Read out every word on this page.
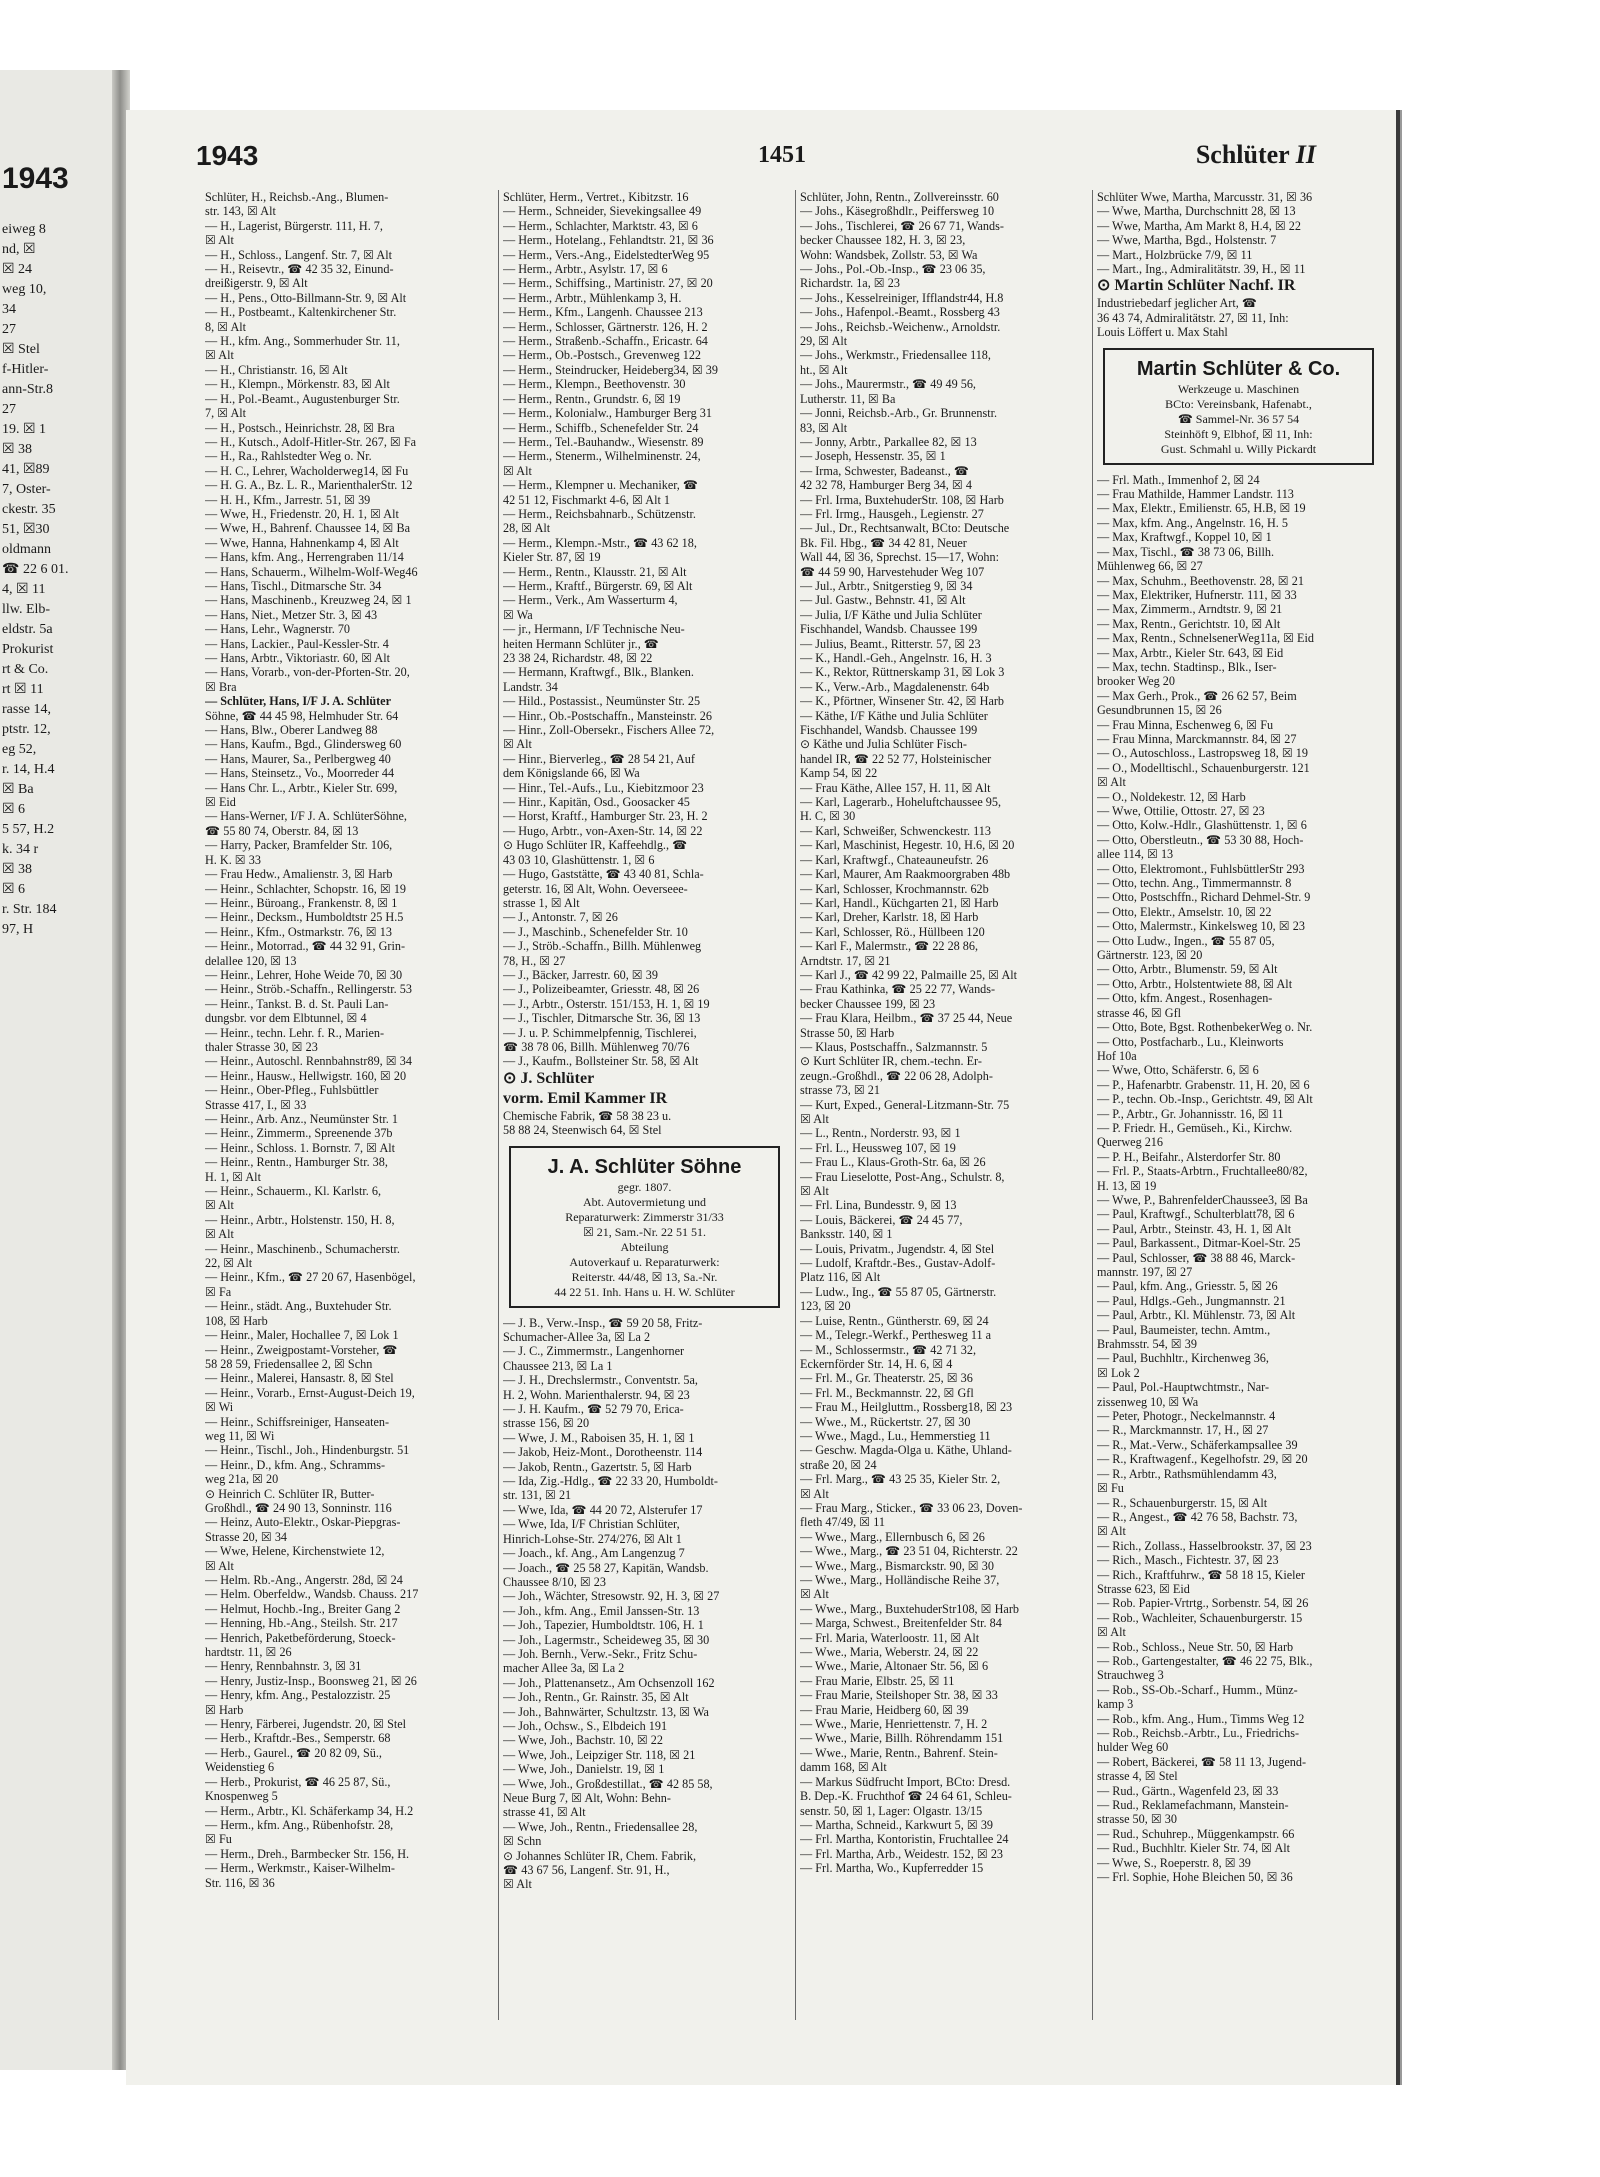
1943
eiweg 8
nd, ☒
☒ 24
weg 10,
34
27
☒ Stel
f-Hitler-
ann-Str.8
27
19. ☒ 1
☒ 38
41, ☒89
7, Oster-
ckestr. 35
51, ☒30
oldmann
☎ 22 6 01.
4, ☒ 11
llw. Elb-
eldstr. 5a
Prokurist
rt & Co.
rt ☒ 11
rasse 14,
ptstr. 12,
eg 52,
r. 14, H.4
☒ Ba
☒ 6
5 57, H.2
k. 34 r
☒ 38
☒ 6
r. Str. 184
97, H
1943	1451	Schlüter II
Schlüter, H., Reichsb.-Ang., Blumen-
str. 143, ☒ Alt
— H., Lagerist, Bürgerstr. 111, H. 7,
☒ Alt
— H., Schloss., Langenf. Str. 7, ☒ Alt
— H., Reisevtr., ☎ 42 35 32, Einund-
dreißigerstr. 9, ☒ Alt
— H., Pens., Otto-Billmann-Str. 9, ☒ Alt
— H., Postbeamt., Kaltenkirchener Str.
8, ☒ Alt
— H., kfm. Ang., Sommerhuder Str. 11,
☒ Alt
— H., Christianstr. 16, ☒ Alt
— H., Klempn., Mörkenstr. 83, ☒ Alt
— H., Pol.-Beamt., Augustenburger Str.
7, ☒ Alt
— H., Postsch., Heinrichstr. 28, ☒ Bra
— H., Kutsch., Adolf-Hitler-Str. 267, ☒ Fa
— H., Ra., Rahlstedter Weg o. Nr.
— H. C., Lehrer, Wacholderweg14, ☒ Fu
— H. G. A., Bz. L. R., MarienthalerStr. 12
— H. H., Kfm., Jarrestr. 51, ☒ 39
— Wwe, H., Friedenstr. 20, H. 1, ☒ Alt
— Wwe, H., Bahrenf. Chaussee 14, ☒ Ba
— Wwe, Hanna, Hahnenkamp 4, ☒ Alt
— Hans, kfm. Ang., Herrengraben 11/14
— Hans, Schauerm., Wilhelm-Wolf-Weg46
— Hans, Tischl., Ditmarsche Str. 34
— Hans, Maschinenb., Kreuzweg 24, ☒ 1
— Hans, Niet., Metzer Str. 3, ☒ 43
— Hans, Lehr., Wagnerstr. 70
— Hans, Lackier., Paul-Kessler-Str. 4
— Hans, Arbtr., Viktoriastr. 60, ☒ Alt
— Hans, Vorarb., von-der-Pforten-Str. 20,
☒ Bra
— Schlüter, Hans, I/F J. A. Schlüter
Söhne, ☎ 44 45 98, Helmhuder Str. 64
— Hans, Blw., Oberer Landweg 88
— Hans, Kaufm., Bgd., Glindersweg 60
— Hans, Maurer, Sa., Perlbergweg 40
— Hans, Steinsetz., Vo., Moorreder 44
— Hans Chr. L., Arbtr., Kieler Str. 699,
☒ Eid
— Hans-Werner, I/F J. A. SchlüterSöhne,
☎ 55 80 74, Oberstr. 84, ☒ 13
— Harry, Packer, Bramfelder Str. 106,
H. K. ☒ 33
— Frau Hedw., Amalienstr. 3, ☒ Harb
— Heinr., Schlachter, Schopstr. 16, ☒ 19
— Heinr., Büroang., Frankenstr. 8, ☒ 1
— Heinr., Decksm., Humboldtstr 25 H.5
— Heinr., Kfm., Ostmarkstr. 76, ☒ 13
— Heinr., Motorrad., ☎ 44 32 91, Grin-
delallee 120, ☒ 13
— Heinr., Lehrer, Hohe Weide 70, ☒ 30
— Heinr., Ströb.-Schaffn., Rellingerstr. 53
— Heinr., Tankst. B. d. St. Pauli Lan-
dungsbr. vor dem Elbtunnel, ☒ 4
— Heinr., techn. Lehr. f. R., Marien-
thaler Strasse 30, ☒ 23
— Heinr., Autoschl. Rennbahnstr89, ☒ 34
— Heinr., Hausw., Hellwigstr. 160, ☒ 20
— Heinr., Ober-Pfleg., Fuhlsbüttler
Strasse 417, I., ☒ 33
— Heinr., Arb. Anz., Neumünster Str. 1
— Heinr., Zimmerm., Spreenende 37b
— Heinr., Schloss. 1. Bornstr. 7, ☒ Alt
— Heinr., Rentn., Hamburger Str. 38,
H. 1, ☒ Alt
— Heinr., Schauerm., Kl. Karlstr. 6,
☒ Alt
— Heinr., Arbtr., Holstenstr. 150, H. 8,
☒ Alt
— Heinr., Maschinenb., Schumacherstr.
22, ☒ Alt
— Heinr., Kfm., ☎ 27 20 67, Hasenbögel,
☒ Fa
— Heinr., städt. Ang., Buxtehuder Str.
108, ☒ Harb
— Heinr., Maler, Hochallee 7, ☒ Lok 1
— Heinr., Zweigpostamt-Vorsteher, ☎
58 28 59, Friedensallee 2, ☒ Schn
— Heinr., Malerei, Hansastr. 8, ☒ Stel
— Heinr., Vorarb., Ernst-August-Deich 19,
☒ Wi
— Heinr., Schiffsreiniger, Hanseaten-
weg 11, ☒ Wi
— Heinr., Tischl., Joh., Hindenburgstr. 51
— Heinr., D., kfm. Ang., Schramms-
weg 21a, ☒ 20
⊙ Heinrich C. Schlüter IR, Butter-
Großhdl., ☎ 24 90 13, Sonninstr. 116
— Heinz, Auto-Elektr., Oskar-Piepgras-
Strasse 20, ☒ 34
— Wwe, Helene, Kirchenstwiete 12,
☒ Alt
— Helm. Rb.-Ang., Angerstr. 28d, ☒ 24
— Helm. Oberfeldw., Wandsb. Chauss. 217
— Helmut, Hochb.-Ing., Breiter Gang 2
— Henning, Hb.-Ang., Steilsh. Str. 217
— Henrich, Paketbeförderung, Stoeck-
hardtstr. 11, ☒ 26
— Henry, Rennbahnstr. 3, ☒ 31
— Henry, Justiz-Insp., Boonsweg 21, ☒ 26
— Henry, kfm. Ang., Pestalozzistr. 25
☒ Harb
— Henry, Färberei, Jugendstr. 20, ☒ Stel
— Herb., Kraftdr.-Bes., Semperstr. 68
— Herb., Gaurel., ☎ 20 82 09, Sü.,
Weidenstieg 6
— Herb., Prokurist, ☎ 46 25 87, Sü.,
Knospenweg 5
— Herm., Arbtr., Kl. Schäferkamp 34, H.2
— Herm., kfm. Ang., Rübenhofstr. 28,
☒ Fu
— Herm., Dreh., Barmbecker Str. 156, H.
— Herm., Werkmstr., Kaiser-Wilhelm-
Str. 116, ☒ 36
Schlüter, Herm., Vertret., Kibitzstr. 16
— Herm., Schneider, Sievekingsallee 49
— Herm., Schlachter, Marktstr. 43, ☒ 6
— Herm., Hotelang., Fehlandtstr. 21, ☒ 36
— Herm., Vers.-Ang., EidelstedterWeg 95
— Herm., Arbtr., Asylstr. 17, ☒ 6
— Herm., Schiffsing., Martinistr. 27, ☒ 20
— Herm., Arbtr., Mühlenkamp 3, H.
— Herm., Kfm., Langenh. Chaussee 213
— Herm., Schlosser, Gärtnerstr. 126, H. 2
— Herm., Straßenb.-Schaffn., Ericastr. 64
— Herm., Ob.-Postsch., Grevenweg 122
— Herm., Steindrucker, Heideberg34, ☒ 39
— Herm., Klempn., Beethovenstr. 30
— Herm., Rentn., Grundstr. 6, ☒ 19
— Herm., Kolonialw., Hamburger Berg 31
— Herm., Schiffb., Schenefelder Str. 24
— Herm., Tel.-Bauhandw., Wiesenstr. 89
— Herm., Stenerm., Wilhelminenstr. 24,
☒ Alt
— Herm., Klempner u. Mechaniker, ☎
42 51 12, Fischmarkt 4-6, ☒ Alt 1
— Herm., Reichsbahnarb., Schützenstr.
28, ☒ Alt
— Herm., Klempn.-Mstr., ☎ 43 62 18,
Kieler Str. 87, ☒ 19
— Herm., Rentn., Klausstr. 21, ☒ Alt
— Herm., Kraftf., Bürgerstr. 69, ☒ Alt
— Herm., Verk., Am Wasserturm 4,
☒ Wa
— jr., Hermann, I/F Technische Neu-
heiten Hermann Schlüter jr., ☎
23 38 24, Richardstr. 48, ☒ 22
— Hermann, Kraftwgf., Blk., Blanken.
Landstr. 34
— Hild., Postassist., Neumünster Str. 25
— Hinr., Ob.-Postschaffn., Mansteinstr. 26
— Hinr., Zoll-Obersekr., Fischers Allee 72,
☒ Alt
— Hinr., Bierverleg., ☎ 28 54 21, Auf
dem Königslande 66, ☒ Wa
— Hinr., Tel.-Aufs., Lu., Kiebitzmoor 23
— Hinr., Kapitän, Osd., Goosacker 45
— Horst, Kraftf., Hamburger Str. 23, H. 2
— Hugo, Arbtr., von-Axen-Str. 14, ☒ 22
⊙ Hugo Schlüter IR, Kaffeehdlg., ☎
43 03 10, Glashüttenstr. 1, ☒ 6
— Hugo, Gaststätte, ☎ 43 40 81, Schla-
geterstr. 16, ☒ Alt, Wohn. Oeverseee-
strasse 1, ☒ Alt
— J., Antonstr. 7, ☒ 26
— J., Maschinb., Schenefelder Str. 10
— J., Ströb.-Schaffn., Billh. Mühlenweg
78, H., ☒ 27
— J., Bäcker, Jarrestr. 60, ☒ 39
— J., Polizeibeamter, Griesstr. 48, ☒ 26
— J., Arbtr., Osterstr. 151/153, H. 1, ☒ 19
— J., Tischler, Ditmarsche Str. 36, ☒ 13
— J. u. P. Schimmelpfennig, Tischlerei,
☎ 38 78 06, Billh. Mühlenweg 70/76
— J., Kaufm., Bollsteiner Str. 58, ☒ Alt
⊙ J. Schlüter
vorm. Emil Kammer IR
Chemische Fabrik, ☎ 58 38 23 u.
58 88 24, Steenwisch 64, ☒ Stel
J. A. Schlüter Söhne
gegr. 1807.
Abt. Autovermietung und
Reparaturwerk: Zimmerstr 31/33
☒ 21, Sam.-Nr. 22 51 51.
Abteilung
Autoverkauf u. Reparaturwerk:
Reiterstr. 44/48, ☒ 13, Sa.-Nr.
44 22 51. Inh. Hans u. H. W. Schlüter
— J. B., Verw.-Insp., ☎ 59 20 58, Fritz-
Schumacher-Allee 3a, ☒ La 2
— J. C., Zimmermstr., Langenhorner
Chaussee 213, ☒ La 1
— J. H., Drechslermstr., Conventstr. 5a,
H. 2, Wohn. Marienthalerstr. 94, ☒ 23
— J. H. Kaufm., ☎ 52 79 70, Erica-
strasse 156, ☒ 20
— Wwe, J. M., Raboisen 35, H. 1, ☒ 1
— Jakob, Heiz-Mont., Dorotheenstr. 114
— Jakob, Rentn., Gazertstr. 5, ☒ Harb
— Ida, Zig.-Hdlg., ☎ 22 33 20, Humboldt-
str. 131, ☒ 21
— Wwe, Ida, ☎ 44 20 72, Alsterufer 17
— Wwe, Ida, I/F Christian Schlüter,
Hinrich-Lohse-Str. 274/276, ☒ Alt 1
— Joach., kf. Ang., Am Langenzug 7
— Joach., ☎ 25 58 27, Kapitän, Wandsb.
Chaussee 8/10, ☒ 23
— Joh., Wächter, Stresowstr. 92, H. 3, ☒ 27
— Joh., kfm. Ang., Emil Janssen-Str. 13
— Joh., Tapezier, Humboldtstr. 106, H. 1
— Joh., Lagermstr., Scheideweg 35, ☒ 30
— Joh. Bernh., Verw.-Sekr., Fritz Schu-
macher Allee 3a, ☒ La 2
— Joh., Plattenansetz., Am Ochsenzoll 162
— Joh., Rentn., Gr. Rainstr. 35, ☒ Alt
— Joh., Bahnwärter, Schultzstr. 13, ☒ Wa
— Joh., Ochsw., S., Elbdeich 191
— Wwe, Joh., Bachstr. 10, ☒ 22
— Wwe, Joh., Leipziger Str. 118, ☒ 21
— Wwe, Joh., Danielstr. 19, ☒ 1
— Wwe, Joh., Großdestillat., ☎ 42 85 58,
Neue Burg 7, ☒ Alt, Wohn: Behn-
strasse 41, ☒ Alt
— Wwe, Joh., Rentn., Friedensallee 28,
☒ Schn
⊙ Johannes Schlüter IR, Chem. Fabrik,
☎ 43 67 56, Langenf. Str. 91, H.,
☒ Alt
Schlüter, John, Rentn., Zollvereinsstr. 60
— Johs., Käsegroßhdlr., Peiffersweg 10
— Johs., Tischlerei, ☎ 26 67 71, Wands-
becker Chaussee 182, H. 3, ☒ 23,
Wohn: Wandsbek, Zollstr. 53, ☒ Wa
— Johs., Pol.-Ob.-Insp., ☎ 23 06 35,
Richardstr. 1a, ☒ 23
— Johs., Kesselreiniger, Ifflandstr44, H.8
— Johs., Hafenpol.-Beamt., Rossberg 43
— Johs., Reichsb.-Weichenw., Arnoldstr.
29, ☒ Alt
— Johs., Werkmstr., Friedensallee 118,
ht., ☒ Alt
— Johs., Maurermstr., ☎ 49 49 56,
Lutherstr. 11, ☒ Ba
— Jonni, Reichsb.-Arb., Gr. Brunnenstr.
83, ☒ Alt
— Jonny, Arbtr., Parkallee 82, ☒ 13
— Joseph, Hessenstr. 35, ☒ 1
— Irma, Schwester, Badeanst., ☎
42 32 78, Hamburger Berg 34, ☒ 4
— Frl. Irma, BuxtehuderStr. 108, ☒ Harb
— Frl. Irmg., Hausgeh., Legienstr. 27
— Jul., Dr., Rechtsanwalt, BCto: Deutsche
Bk. Fil. Hbg., ☎ 34 42 81, Neuer
Wall 44, ☒ 36, Sprechst. 15—17, Wohn:
☎ 44 59 90, Harvestehuder Weg 107
— Jul., Arbtr., Snitgerstieg 9, ☒ 34
— Jul. Gastw., Behnstr. 41, ☒ Alt
— Julia, I/F Käthe und Julia Schlüter
Fischhandel, Wandsb. Chaussee 199
— Julius, Beamt., Ritterstr. 57, ☒ 23
— K., Handl.-Geh., Angelnstr. 16, H. 3
— K., Rektor, Rüttnerskamp 31, ☒ Lok 3
— K., Verw.-Arb., Magdalenenstr. 64b
— K., Pförtner, Winsener Str. 42, ☒ Harb
— Käthe, I/F Käthe und Julia Schlüter
Fischhandel, Wandsb. Chaussee 199
⊙ Käthe und Julia Schlüter Fisch-
handel IR, ☎ 22 52 77, Holsteinischer
Kamp 54, ☒ 22
— Frau Käthe, Allee 157, H. 11, ☒ Alt
— Karl, Lagerarb., Hoheluftchaussee 95,
H. C, ☒ 30
— Karl, Schweißer, Schwenckestr. 113
— Karl, Maschinist, Hegestr. 10, H.6, ☒ 20
— Karl, Kraftwgf., Chateauneufstr. 26
— Karl, Maurer, Am Raakmoorgraben 48b
— Karl, Schlosser, Krochmannstr. 62b
— Karl, Handl., Küchgarten 21, ☒ Harb
— Karl, Dreher, Karlstr. 18, ☒ Harb
— Karl, Schlosser, Rö., Hüllbeen 120
— Karl F., Malermstr., ☎ 22 28 86,
Arndtstr. 17, ☒ 21
— Karl J., ☎ 42 99 22, Palmaille 25, ☒ Alt
— Frau Kathinka, ☎ 25 22 77, Wands-
becker Chaussee 199, ☒ 23
— Frau Klara, Heilbm., ☎ 37 25 44, Neue
Strasse 50, ☒ Harb
— Klaus, Postschaffn., Salzmannstr. 5
⊙ Kurt Schlüter IR, chem.-techn. Er-
zeugn.-Großhdl., ☎ 22 06 28, Adolph-
strasse 73, ☒ 21
— Kurt, Exped., General-Litzmann-Str. 75
☒ Alt
— L., Rentn., Norderstr. 93, ☒ 1
— Frl. L., Heussweg 107, ☒ 19
— Frau L., Klaus-Groth-Str. 6a, ☒ 26
— Frau Lieselotte, Post-Ang., Schulstr. 8,
☒ Alt
— Frl. Lina, Bundesstr. 9, ☒ 13
— Louis, Bäckerei, ☎ 24 45 77,
Banksstr. 140, ☒ 1
— Louis, Privatm., Jugendstr. 4, ☒ Stel
— Ludolf, Kraftdr.-Bes., Gustav-Adolf-
Platz 116, ☒ Alt
— Ludw., Ing., ☎ 55 87 05, Gärtnerstr.
123, ☒ 20
— Luise, Rentn., Güntherstr. 69, ☒ 24
— M., Telegr.-Werkf., Perthesweg 11 a
— M., Schlossermstr., ☎ 42 71 32,
Eckernförder Str. 14, H. 6, ☒ 4
— Frl. M., Gr. Theaterstr. 25, ☒ 36
— Frl. M., Beckmannstr. 22, ☒ Gfl
— Frau M., Heilgluttm., Rossberg18, ☒ 23
— Wwe., M., Rückertstr. 27, ☒ 30
— Wwe., Magd., Lu., Hemmerstieg 11
— Geschw. Magda-Olga u. Käthe, Uhland-
straße 20, ☒ 24
— Frl. Marg., ☎ 43 25 35, Kieler Str. 2,
☒ Alt
— Frau Marg., Sticker., ☎ 33 06 23, Doven-
fleth 47/49, ☒ 11
— Wwe., Marg., Ellernbusch 6, ☒ 26
— Wwe., Marg., ☎ 23 51 04, Richterstr. 22
— Wwe., Marg., Bismarckstr. 90, ☒ 30
— Wwe., Marg., Holländische Reihe 37,
☒ Alt
— Wwe., Marg., BuxtehuderStr108, ☒ Harb
— Marga, Schwest., Breitenfelder Str. 84
— Frl. Maria, Waterloostr. 11, ☒ Alt
— Wwe., Maria, Weberstr. 24, ☒ 22
— Wwe., Marie, Altonaer Str. 56, ☒ 6
— Frau Marie, Elbstr. 25, ☒ 11
— Frau Marie, Steilshoper Str. 38, ☒ 33
— Frau Marie, Heidberg 60, ☒ 39
— Wwe., Marie, Henriettenstr. 7, H. 2
— Wwe., Marie, Billh. Röhrendamm 151
— Wwe., Marie, Rentn., Bahrenf. Stein-
damm 168, ☒ Alt
— Markus Südfrucht Import, BCto: Dresd.
B. Dep.-K. Fruchthof ☎ 24 64 61, Schleu-
senstr. 50, ☒ 1, Lager: Olgastr. 13/15
— Martha, Schneid., Karkwurt 5, ☒ 39
— Frl. Martha, Kontoristin, Fruchtallee 24
— Frl. Martha, Arb., Weidestr. 152, ☒ 23
— Frl. Martha, Wo., Kupferredder 15
Schlüter Wwe, Martha, Marcusstr. 31, ☒ 36
— Wwe, Martha, Durchschnitt 28, ☒ 13
— Wwe, Martha, Am Markt 8, H.4, ☒ 22
— Wwe, Martha, Bgd., Holstenstr. 7
— Mart., Holzbrücke 7/9, ☒ 11
— Mart., Ing., Admiralitätstr. 39, H., ☒ 11
⊙ Martin Schlüter Nachf. IR
Industriebedarf jeglicher Art, ☎
36 43 74, Admiralitätstr. 27, ☒ 11, Inh:
Louis Löffert u. Max Stahl
Martin Schlüter & Co.
Werkzeuge u. Maschinen
BCto: Vereinsbank, Hafenabt.,
☎ Sammel-Nr. 36 57 54
Steinhöft 9, Elbhof, ☒ 11, Inh:
Gust. Schmahl u. Willy Pickardt
— Frl. Math., Immenhof 2, ☒ 24
— Frau Mathilde, Hammer Landstr. 113
— Max, Elektr., Emilienstr. 65, H.B, ☒ 19
— Max, kfm. Ang., Angelnstr. 16, H. 5
— Max, Kraftwgf., Koppel 10, ☒ 1
— Max, Tischl., ☎ 38 73 06, Billh.
Mühlenweg 66, ☒ 27
— Max, Schuhm., Beethovenstr. 28, ☒ 21
— Max, Elektriker, Hufnerstr. 111, ☒ 33
— Max, Zimmerm., Arndtstr. 9, ☒ 21
— Max, Rentn., Gerichtstr. 10, ☒ Alt
— Max, Rentn., SchnelsenerWeg11a, ☒ Eid
— Max, Arbtr., Kieler Str. 643, ☒ Eid
— Max, techn. Stadtinsp., Blk., Iser-
brooker Weg 20
— Max Gerh., Prok., ☎ 26 62 57, Beim
Gesundbrunnen 15, ☒ 26
— Frau Minna, Eschenweg 6, ☒ Fu
— Frau Minna, Marckmannstr. 84, ☒ 27
— O., Autoschloss., Lastropsweg 18, ☒ 19
— O., Modelltischl., Schauenburgerstr. 121
☒ Alt
— O., Noldekestr. 12, ☒ Harb
— Wwe, Ottilie, Ottostr. 27, ☒ 23
— Otto, Kolw.-Hdlr., Glashüttenstr. 1, ☒ 6
— Otto, Oberstleutn., ☎ 53 30 88, Hoch-
allee 114, ☒ 13
— Otto, Elektromont., FuhlsbüttlerStr 293
— Otto, techn. Ang., Timmermannstr. 8
— Otto, Postschffn., Richard Dehmel-Str. 9
— Otto, Elektr., Amselstr. 10, ☒ 22
— Otto, Malermstr., Kinkelsweg 10, ☒ 23
— Otto Ludw., Ingen., ☎ 55 87 05,
Gärtnerstr. 123, ☒ 20
— Otto, Arbtr., Blumenstr. 59, ☒ Alt
— Otto, Arbtr., Holstentwiete 88, ☒ Alt
— Otto, kfm. Angest., Rosenhagen-
strasse 46, ☒ Gfl
— Otto, Bote, Bgst. RothenbekerWeg o. Nr.
— Otto, Postfacharb., Lu., Kleinworts
Hof 10a
— Wwe, Otto, Schäferstr. 6, ☒ 6
— P., Hafenarbtr. Grabenstr. 11, H. 20, ☒ 6
— P., techn. Ob.-Insp., Gerichtstr. 49, ☒ Alt
— P., Arbtr., Gr. Johannisstr. 16, ☒ 11
— P. Friedr. H., Gemüseh., Ki., Kirchw.
Querweg 216
— P. H., Beifahr., Alsterdorfer Str. 80
— Frl. P., Staats-Arbtrn., Fruchtallee80/82,
H. 13, ☒ 19
— Wwe, P., BahrenfelderChaussee3, ☒ Ba
— Paul, Kraftwgf., Schulterblatt78, ☒ 6
— Paul, Arbtr., Steinstr. 43, H. 1, ☒ Alt
— Paul, Barkassent., Ditmar-Koel-Str. 25
— Paul, Schlosser, ☎ 38 88 46, Marck-
mannstr. 197, ☒ 27
— Paul, kfm. Ang., Griesstr. 5, ☒ 26
— Paul, Hdlgs.-Geh., Jungmannstr. 21
— Paul, Arbtr., Kl. Mühlenstr. 73, ☒ Alt
— Paul, Baumeister, techn. Amtm.,
Brahmsstr. 54, ☒ 39
— Paul, Buchhltr., Kirchenweg 36,
☒ Lok 2
— Paul, Pol.-Hauptwchtmstr., Nar-
zissenweg 10, ☒ Wa
— Peter, Photogr., Neckelmannstr. 4
— R., Marckmannstr. 17, H., ☒ 27
— R., Mat.-Verw., Schäferkampsallee 39
— R., Kraftwagenf., Kegelhofstr. 29, ☒ 20
— R., Arbtr., Rathsmühlendamm 43,
☒ Fu
— R., Schauenburgerstr. 15, ☒ Alt
— R., Angest., ☎ 42 76 58, Bachstr. 73,
☒ Alt
— Rich., Zollass., Hasselbrookstr. 37, ☒ 23
— Rich., Masch., Fichtestr. 37, ☒ 23
— Rich., Kraftfuhrw., ☎ 58 18 15, Kieler
Strasse 623, ☒ Eid
— Rob. Papier-Vrtrtg., Sorbenstr. 54, ☒ 26
— Rob., Wachleiter, Schauenburgerstr. 15
☒ Alt
— Rob., Schloss., Neue Str. 50, ☒ Harb
— Rob., Gartengestalter, ☎ 46 22 75, Blk.,
Strauchweg 3
— Rob., SS-Ob.-Scharf., Humm., Münz-
kamp 3
— Rob., kfm. Ang., Hum., Timms Weg 12
— Rob., Reichsb.-Arbtr., Lu., Friedrichs-
hulder Weg 60
— Robert, Bäckerei, ☎ 58 11 13, Jugend-
strasse 4, ☒ Stel
— Rud., Gärtn., Wagenfeld 23, ☒ 33
— Rud., Reklamefachmann, Manstein-
strasse 50, ☒ 30
— Rud., Schuhrep., Müggenkampstr. 66
— Rud., Buchhltr. Kieler Str. 74, ☒ Alt
— Wwe, S., Roeperstr. 8, ☒ 39
— Frl. Sophie, Hohe Bleichen 50, ☒ 36
